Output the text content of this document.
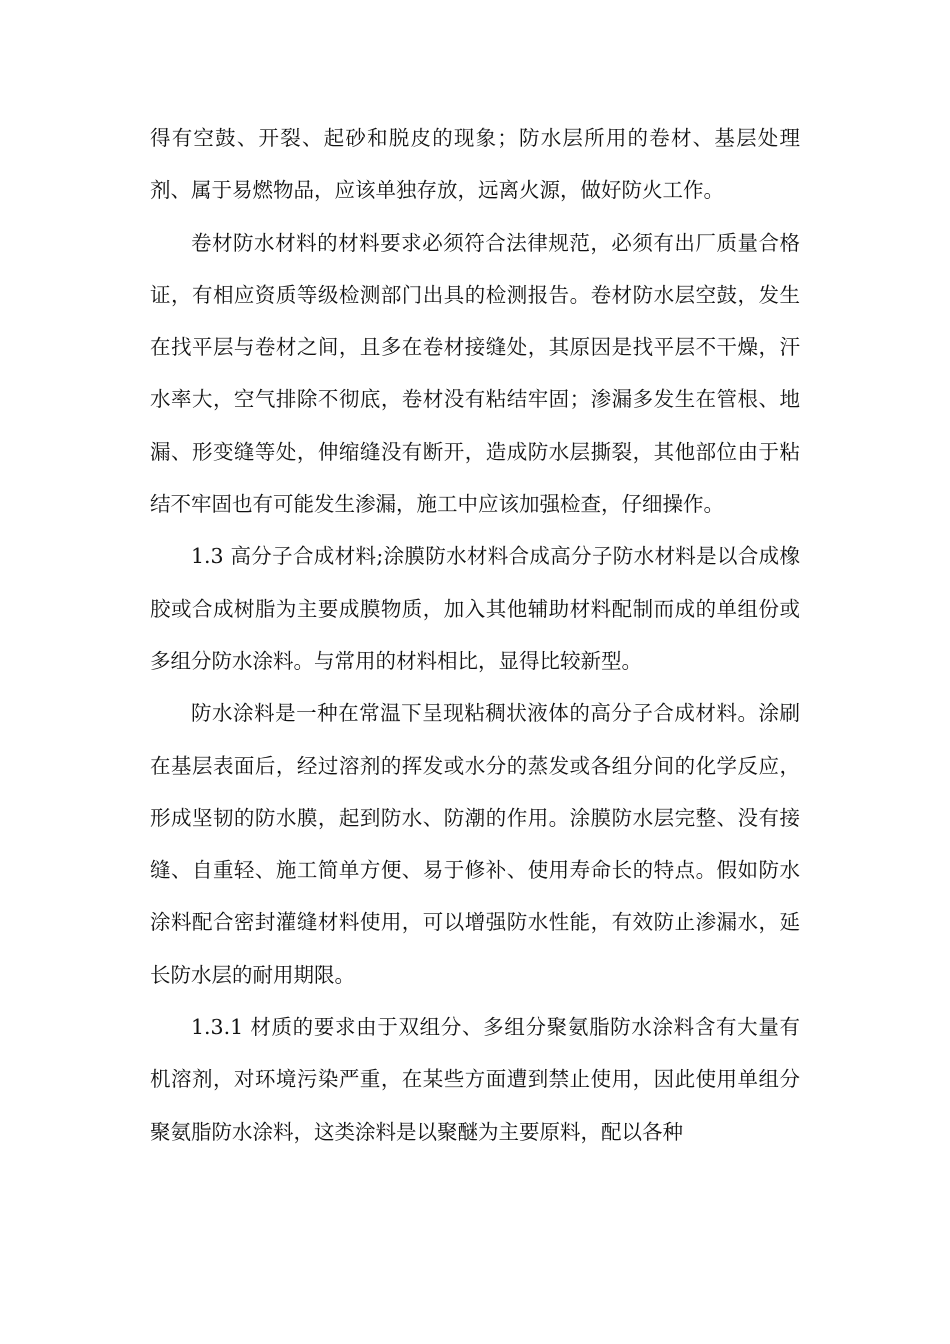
得有空鼓、开裂、起砂和脱皮的现象；防水层所用的卷材、基层处理剂、属于易燃物品，应该单独存放，远离火源，做好防火工作。

卷材防水材料的材料要求必须符合法律规范，必须有出厂质量合格证，有相应资质等级检测部门出具的检测报告。卷材防水层空鼓，发生在找平层与卷材之间，且多在卷材接缝处，其原因是找平层不干燥，汗水率大，空气排除不彻底，卷材没有粘结牢固；渗漏多发生在管根、地漏、形变缝等处，伸缩缝没有断开，造成防水层撕裂，其他部位由于粘结不牢固也有可能发生渗漏，施工中应该加强检查，仔细操作。

1.3 高分子合成材料;涂膜防水材料合成高分子防水材料是以合成橡胶或合成树脂为主要成膜物质，加入其他辅助材料配制而成的单组份或多组分防水涂料。与常用的材料相比，显得比较新型。

防水涂料是一种在常温下呈现粘稠状液体的高分子合成材料。涂刷在基层表面后，经过溶剂的挥发或水分的蒸发或各组分间的化学反应，形成坚韧的防水膜，起到防水、防潮的作用。涂膜防水层完整、没有接缝、自重轻、施工简单方便、易于修补、使用寿命长的特点。假如防水涂料配合密封灌缝材料使用，可以增强防水性能，有效防止渗漏水，延长防水层的耐用期限。

1.3.1 材质的要求由于双组分、多组分聚氨脂防水涂料含有大量有机溶剂，对环境污染严重，在某些方面遭到禁止使用，因此使用单组分聚氨脂防水涂料，这类涂料是以聚醚为主要原料，配以各种
